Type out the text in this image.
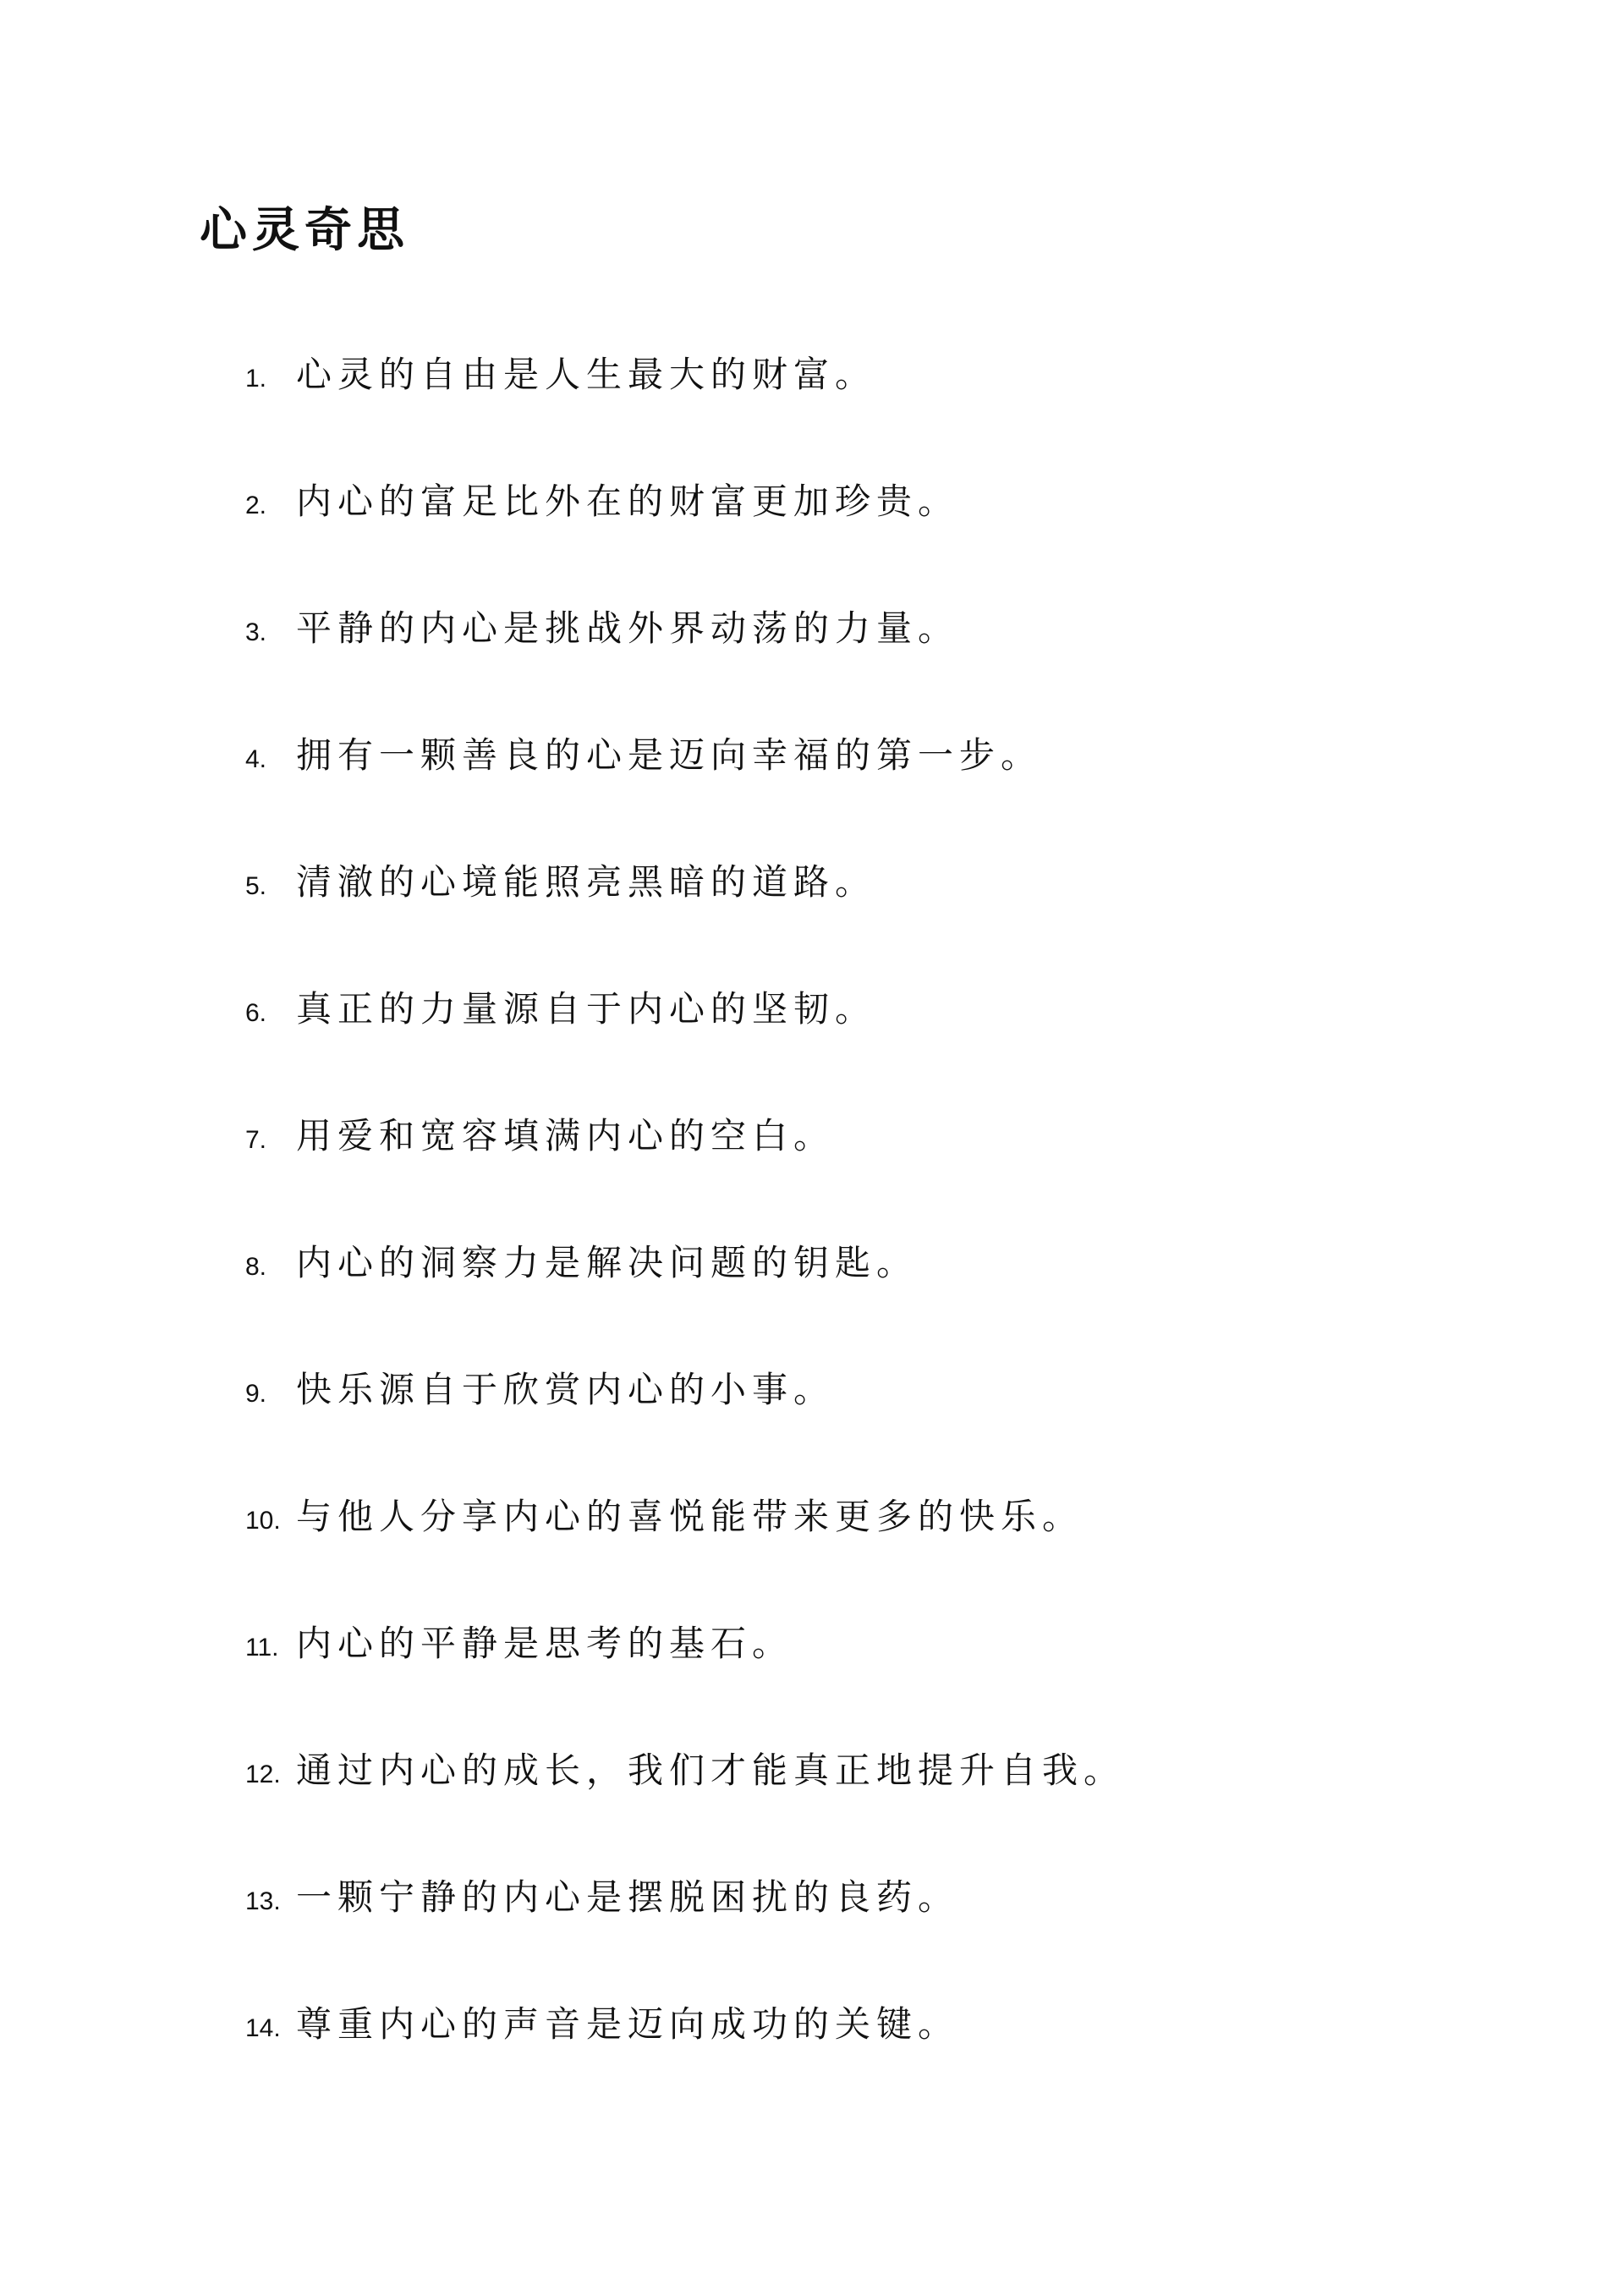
心灵奇思
1. 心灵的自由是人生最大的财富。
2. 内心的富足比外在的财富更加珍贵。
3. 平静的内心是挑战外界动荡的力量。
4. 拥有一颗善良的心是迈向幸福的第一步。
5. 清澈的心境能照亮黑暗的道路。
6. 真正的力量源自于内心的坚韧。
7. 用爱和宽容填满内心的空白。
8. 内心的洞察力是解决问题的钥匙。
9. 快乐源自于欣赏内心的小事。
10. 与他人分享内心的喜悦能带来更多的快乐。
11. 内心的平静是思考的基石。
12. 通过内心的成长，我们才能真正地提升自我。
13. 一颗宁静的内心是摆脱困扰的良药。
14. 尊重内心的声音是迈向成功的关键。
